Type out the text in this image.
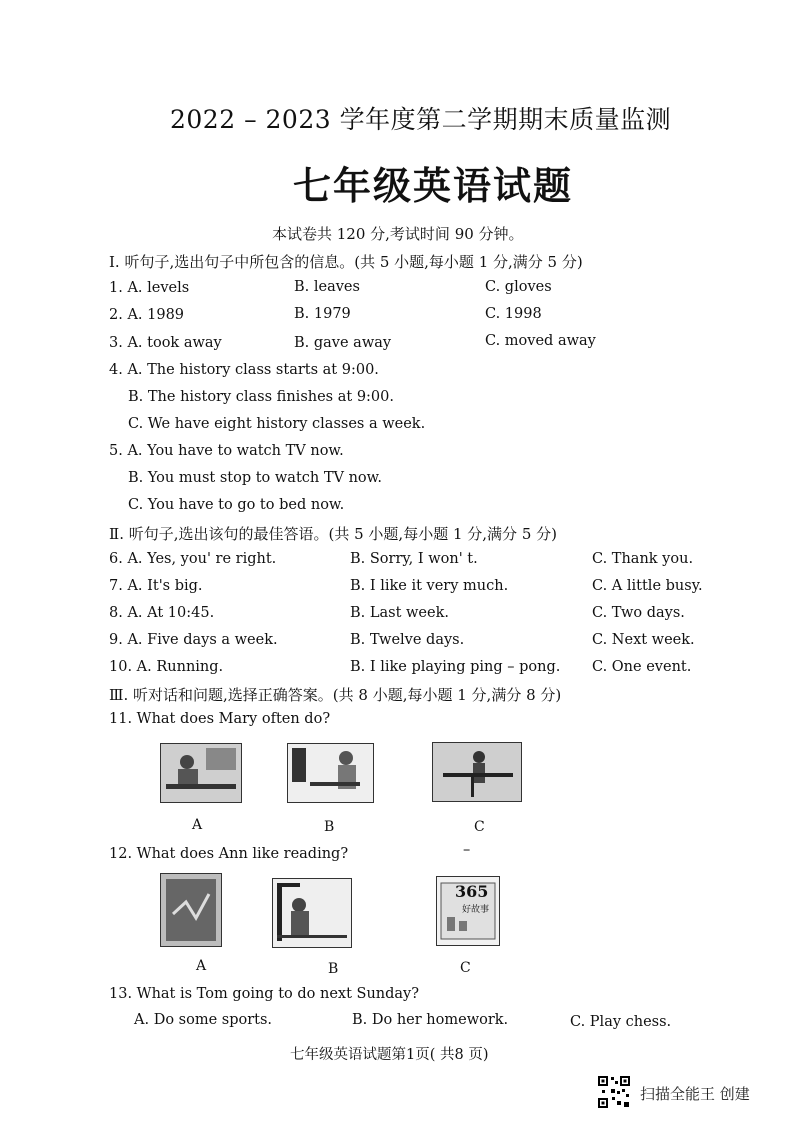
2022 – 2023 学年度第二学期期末质量监测
七年级英语试题
本试卷共 120 分,考试时间 90 分钟。
I. 听句子,选出句子中所包含的信息。(共 5 小题,每小题 1 分,满分 5 分)
1. A. levels	B. leaves	C. gloves
2. A. 1989	B. 1979	C. 1998
3. A. took away	B. gave away	C. moved away
4. A. The history class starts at 9:00.
B. The history class finishes at 9:00.
C. We have eight history classes a week.
5. A. You have to watch TV now.
B. You must stop to watch TV now.
C. You have to go to bed now.
Ⅱ. 听句子,选出该句的最佳答语。(共 5 小题,每小题 1 分,满分 5 分)
6. A. Yes, you' re right.	B. Sorry, I won' t.	C. Thank you.
7. A. It's big.	B. I like it very much.	C. A little busy.
8. A. At 10:45.	B. Last week.	C. Two days.
9. A. Five days a week.	B. Twelve days.	C. Next week.
10. A. Running.	B. I like playing ping – pong. C. One event.
Ⅲ. 听对话和问题,选择正确答案。(共 8 小题,每小题 1 分,满分 8 分)
11. What does Mary often do?
A	B	C
12. What does Ann like reading?	–
365
好故事
A	B	C
13. What is Tom going to do next Sunday?
A. Do some sports.	B. Do her homework.	C. Play chess.
七年级英语试题第1页( 共8 页)
扫描全能王 创建
